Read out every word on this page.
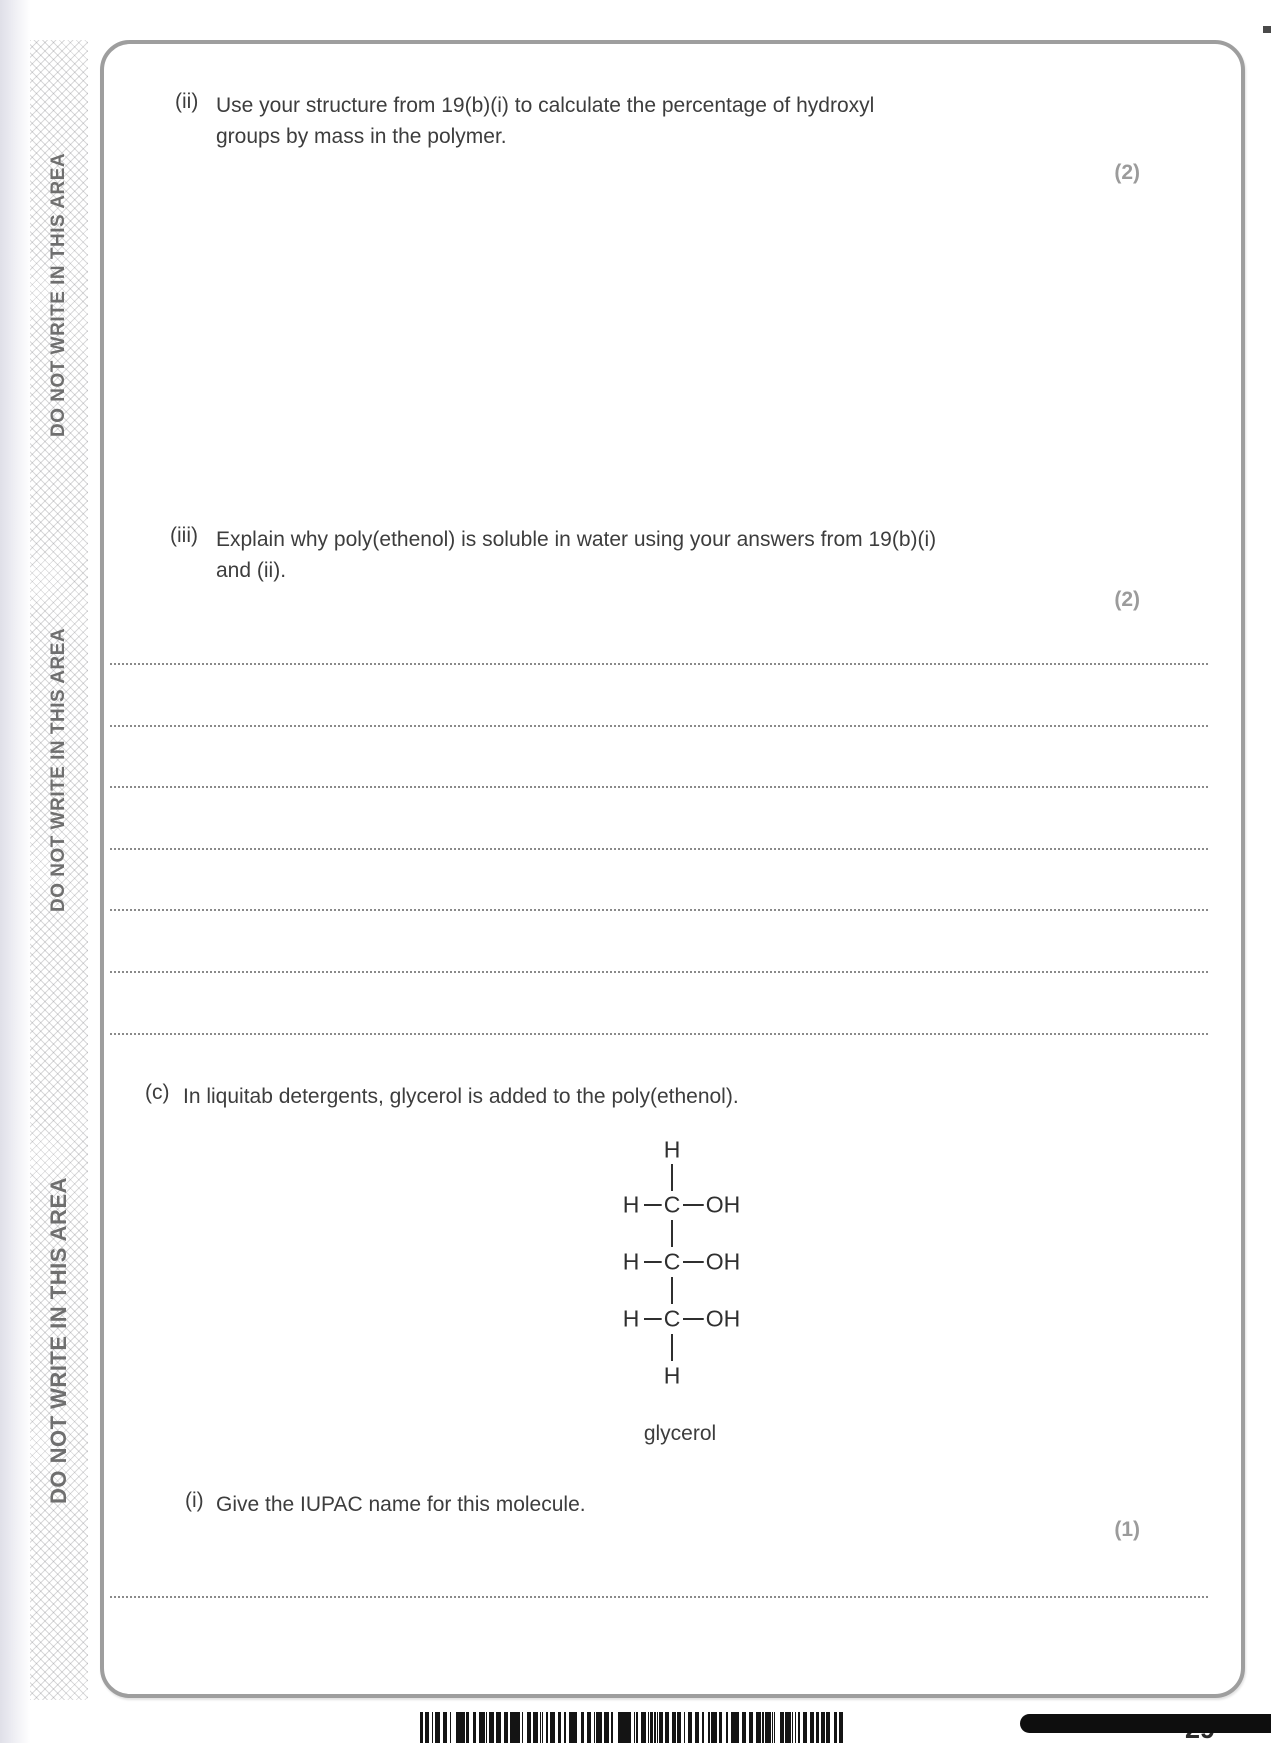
DO NOT WRITE IN THIS AREA
DO NOT WRITE IN THIS AREA
DO NOT WRITE IN THIS AREA
(ii) Use your structure from 19(b)(i) to calculate the percentage of hydroxyl
groups by mass in the polymer.
(2)
(iii) Explain why poly(ethenol) is soluble in water using your answers from 19(b)(i)
and (ii).
(2)
(c) In liquitab detergents, glycerol is added to the poly(ethenol).
H
H C OH
H C OH
H C OH
H
glycerol
(i) Give the IUPAC name for this molecule.
(1)
